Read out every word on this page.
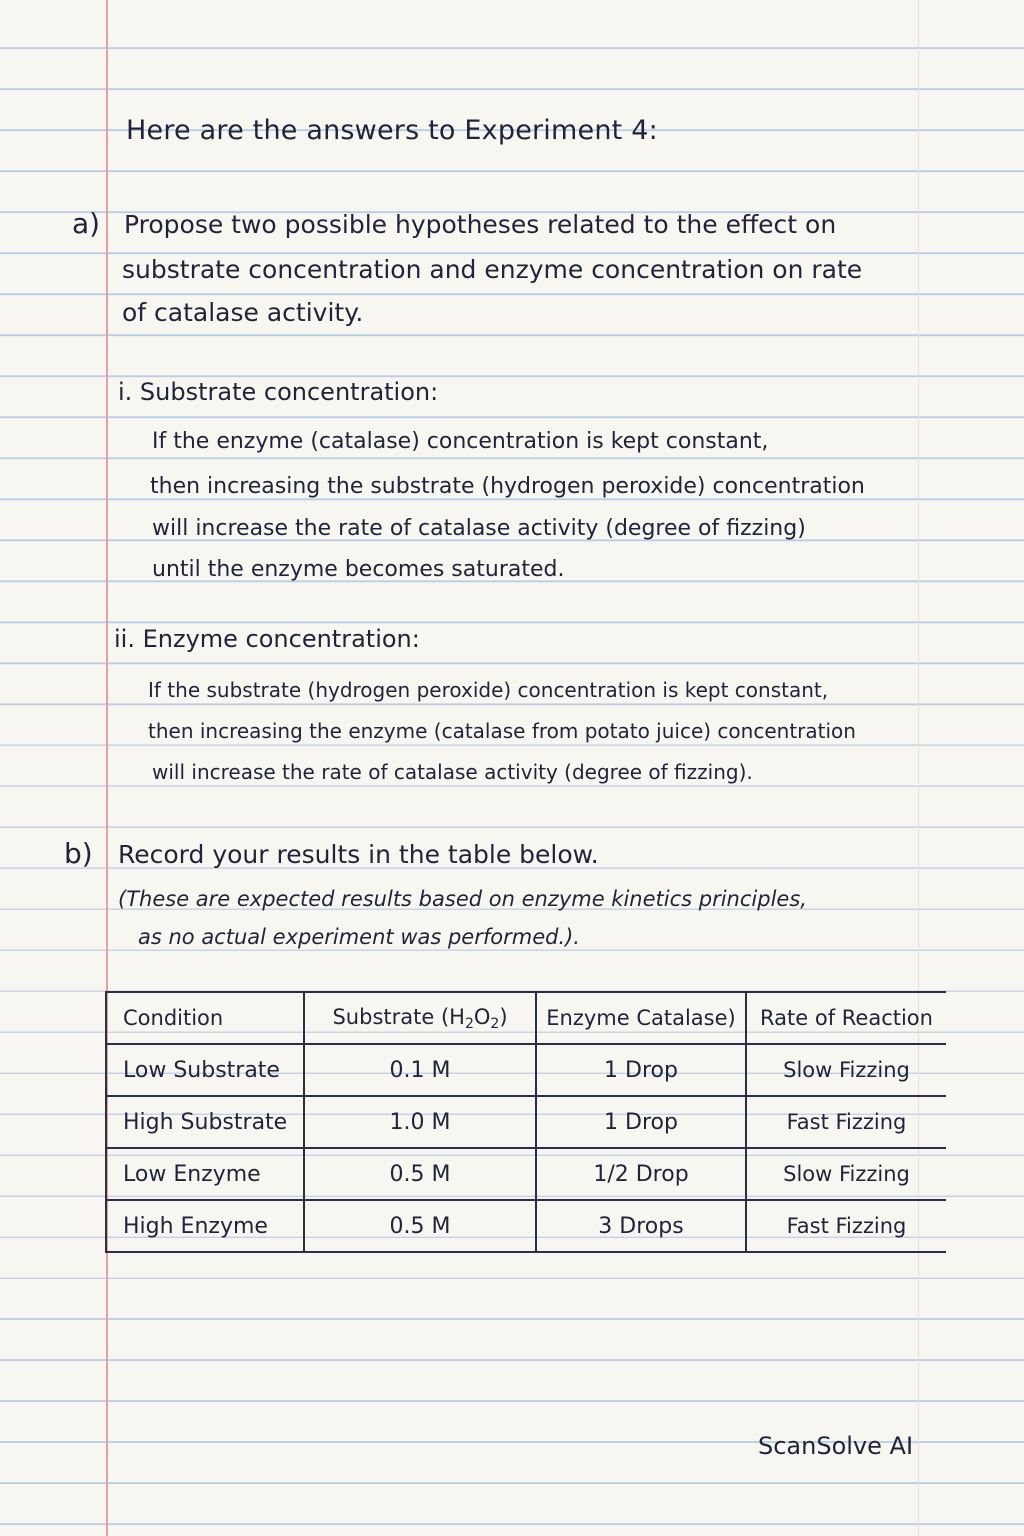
Here are the answers to Experiment 4:
a) Propose two possible hypotheses related to the effect on
substrate concentration and enzyme concentration on rate
of catalase activity.
i. Substrate concentration:
If the enzyme (catalase) concentration is kept constant,
then increasing the substrate (hydrogen peroxide) concentration
will increase the rate of catalase activity (degree of fizzing)
until the enzyme becomes saturated.
ii. Enzyme concentration:
If the substrate (hydrogen peroxide) concentration is kept constant,
then increasing the enzyme (catalase from potato juice) concentration
will increase the rate of catalase activity (degree of fizzing).
b) Record your results in the table below.
(These are expected results based on enzyme kinetics principles,
as no actual experiment was performed.).
Condition	Substrate $(H_2O_2)$	Enzyme Catalase)	Rate of Reaction
Low Substrate	0.1 M	1 Drop	Slow Fizzing
High Substrate	1.0 M	1 Drop	Fast Fizzing
Low Enzyme	0.5 M	1/2 Drop	Slow Fizzing
High Enzyme	0.5 M	3 Drops	Fast Fizzing
ScanSolve AI
